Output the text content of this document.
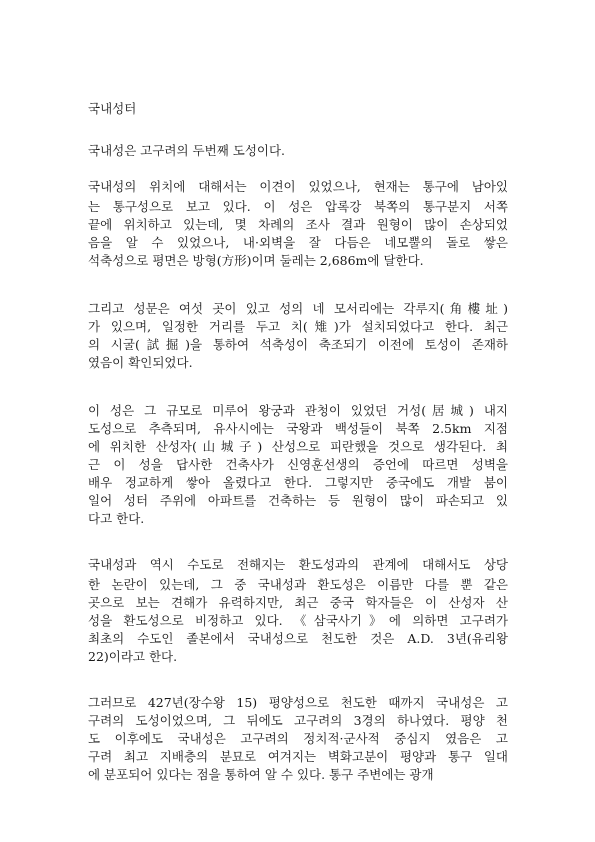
국내성터
국내성은 고구려의 두번째 도성이다.
국내성의 위치에 대해서는 이견이 있었으나, 현재는 통구에 남아있
는 통구성으로 보고 있다. 이 성은 압록강 북쪽의 통구분지 서쪽
끝에 위치하고 있는데, 몇 차례의 조사 결과 원형이 많이 손상되었
음을 알 수 있었으나, 내·외벽을 잘 다듬은 네모뿔의 돌로 쌓은
석축성으로 평면은 방형(方形)이며 둘레는 2,686m에 달한다.
그리고 성문은 여섯 곳이 있고 성의 네 모서리에는 각루지(角樓址)
가 있으며, 일정한 거리를 두고 치(雉)가 설치되었다고 한다. 최근
의 시굴(試掘)을 통하여 석축성이 축조되기 이전에 토성이 존재하
였음이 확인되었다.
이 성은 그 규모로 미루어 왕궁과 관청이 있었던 거성(居城) 내지
도성으로 추측되며, 유사시에는 국왕과 백성들이 북쪽 2.5km 지점
에 위치한 산성자(山城子) 산성으로 피란했을 것으로 생각된다. 최
근 이 성을 답사한 건축사가 신영훈선생의 증언에 따르면 성벽을
배우 정교하게 쌓아 올렸다고 한다. 그렇지만 중국에도 개발 붐이
일어 성터 주위에 아파트를 건축하는 등 원형이 많이 파손되고 있
다고 한다.
국내성과 역시 수도로 전해지는 환도성과의 관계에 대해서도 상당
한 논란이 있는데, 그 중 국내성과 환도성은 이름만 다를 뿐 같은
곳으로 보는 견해가 유력하지만, 최근 중국 학자들은 이 산성자 산
성을 환도성으로 비정하고 있다. 《삼국사기》에 의하면 고구려가
최초의 수도인 졸본에서 국내성으로 천도한 것은 A.D. 3년(유리왕
22)이라고 한다.
그러므로 427년(장수왕 15) 평양성으로 천도한 때까지 국내성은 고
구려의 도성이었으며, 그 뒤에도 고구려의 3경의 하나였다. 평양 천
도 이후에도 국내성은 고구려의 정치적·군사적 중심지 였음은 고
구려 최고 지배층의 분묘로 여겨지는 벽화고분이 평양과 통구 일대
에 분포되어 있다는 점을 통하여 알 수 있다. 통구 주변에는 광개
